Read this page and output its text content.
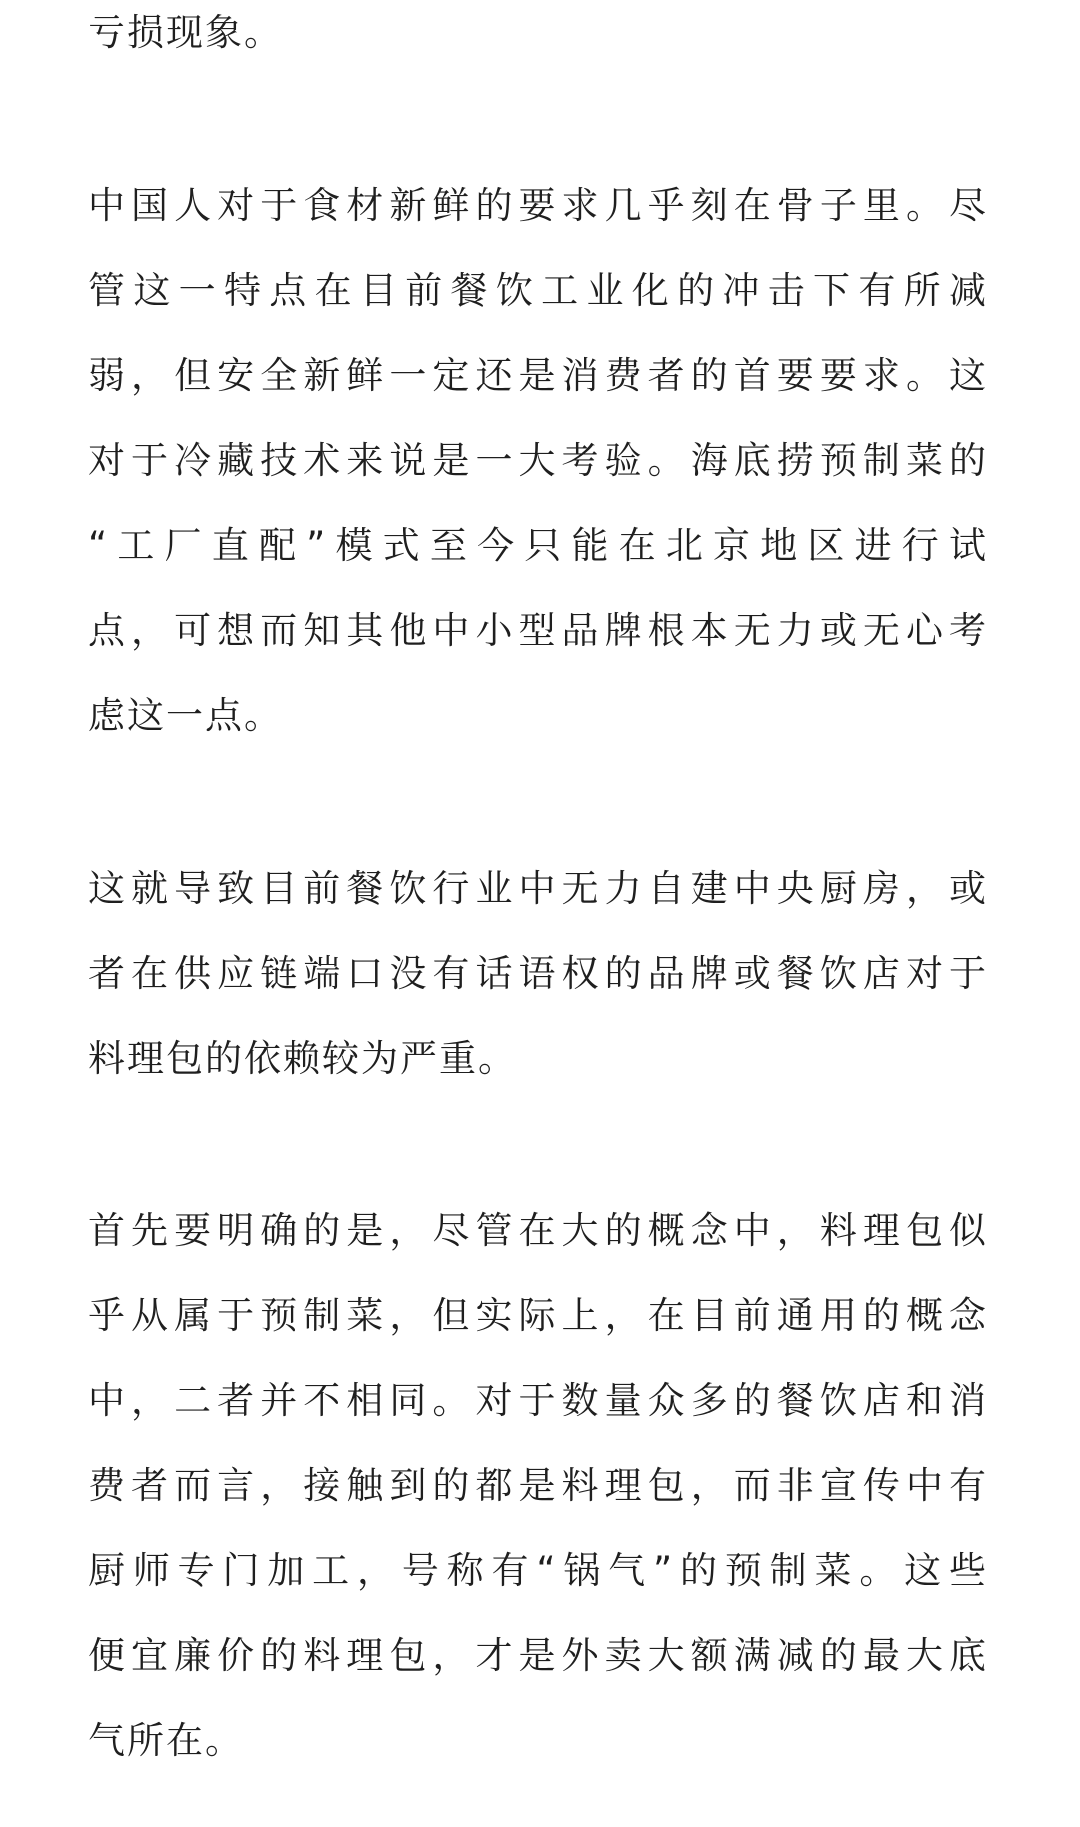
亏损现象。

中国人对于食材新鲜的要求几乎刻在骨子里。尽
管这一特点在目前餐饮工业化的冲击下有所减
弱，但安全新鲜一定还是消费者的首要要求。这
对于冷藏技术来说是一大考验。海底捞预制菜的
“工厂直配”模式至今只能在北京地区进行试
点，可想而知其他中小型品牌根本无力或无心考
虑这一点。

这就导致目前餐饮行业中无力自建中央厨房，或
者在供应链端口没有话语权的品牌或餐饮店对于
料理包的依赖较为严重。

首先要明确的是，尽管在大的概念中，料理包似
乎从属于预制菜，但实际上，在目前通用的概念
中，二者并不相同。对于数量众多的餐饮店和消
费者而言，接触到的都是料理包，而非宣传中有
厨师专门加工，号称有“锅气”的预制菜。这些
便宜廉价的料理包，才是外卖大额满减的最大底
气所在。
